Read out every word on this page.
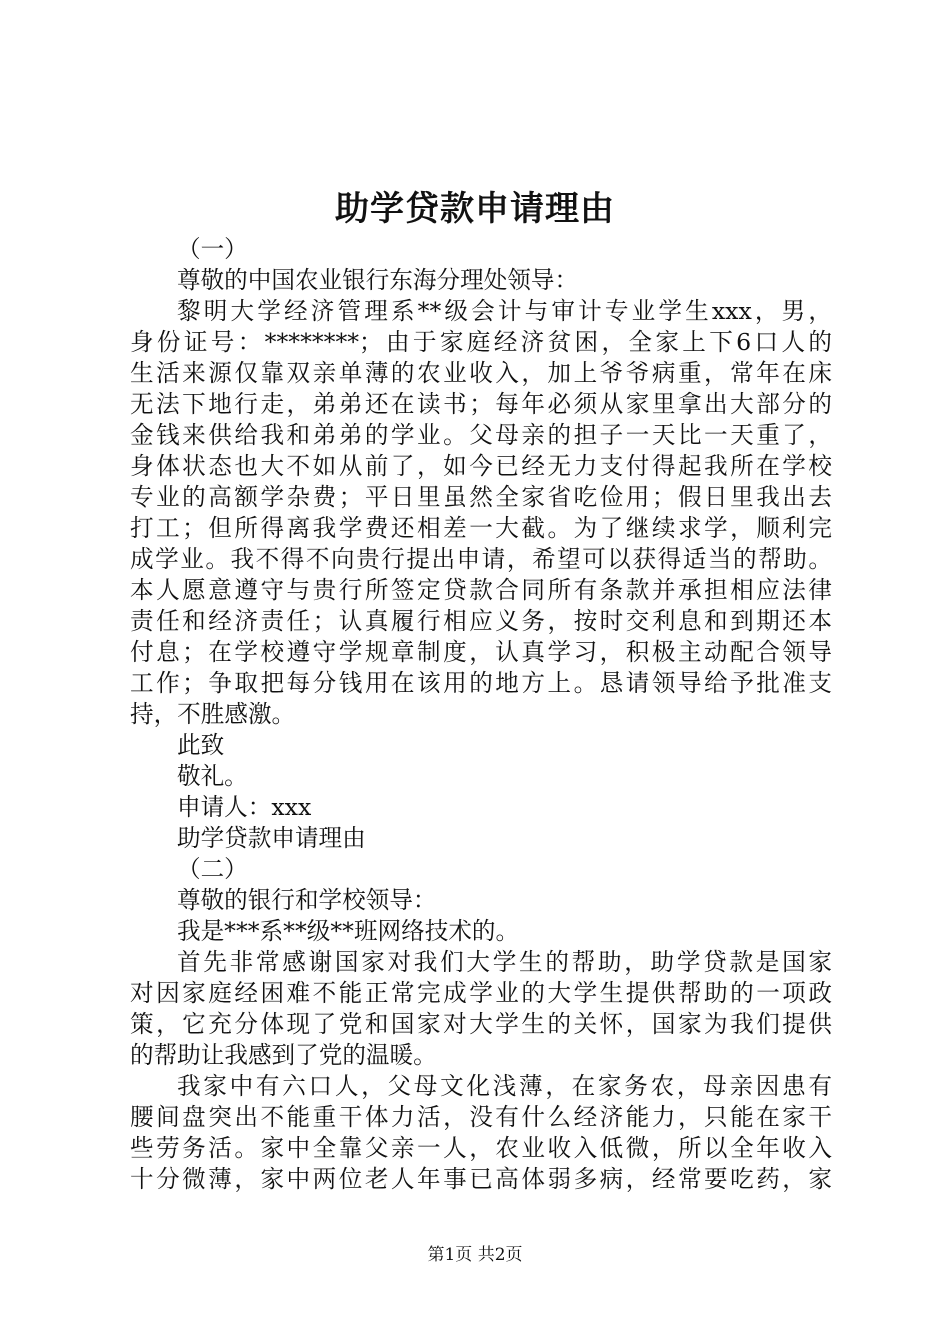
助学贷款申请理由
（一）
尊敬的中国农业银行东海分理处领导：
黎明大学经济管理系**级会计与审计专业学生xxx，男，
身份证号：********；由于家庭经济贫困，全家上下6口人的
生活来源仅靠双亲单薄的农业收入，加上爷爷病重，常年在床
无法下地行走，弟弟还在读书；每年必须从家里拿出大部分的
金钱来供给我和弟弟的学业。父母亲的担子一天比一天重了，
身体状态也大不如从前了，如今已经无力支付得起我所在学校
专业的高额学杂费；平日里虽然全家省吃俭用；假日里我出去
打工；但所得离我学费还相差一大截。为了继续求学，顺利完
成学业。我不得不向贵行提出申请，希望可以获得适当的帮助。
本人愿意遵守与贵行所签定贷款合同所有条款并承担相应法律
责任和经济责任；认真履行相应义务，按时交利息和到期还本
付息；在学校遵守学规章制度，认真学习，积极主动配合领导
工作；争取把每分钱用在该用的地方上。恳请领导给予批准支
持，不胜感激。
此致
敬礼。
申请人：xxx
助学贷款申请理由
（二）
尊敬的银行和学校领导：
我是***系**级**班网络技术的。
首先非常感谢国家对我们大学生的帮助，助学贷款是国家
对因家庭经困难不能正常完成学业的大学生提供帮助的一项政
策，它充分体现了党和国家对大学生的关怀，国家为我们提供
的帮助让我感到了党的温暖。
我家中有六口人，父母文化浅薄，在家务农，母亲因患有
腰间盘突出不能重干体力活，没有什么经济能力，只能在家干
些劳务活。家中全靠父亲一人，农业收入低微，所以全年收入
十分微薄，家中两位老人年事已高体弱多病，经常要吃药，家
第1页 共2页
